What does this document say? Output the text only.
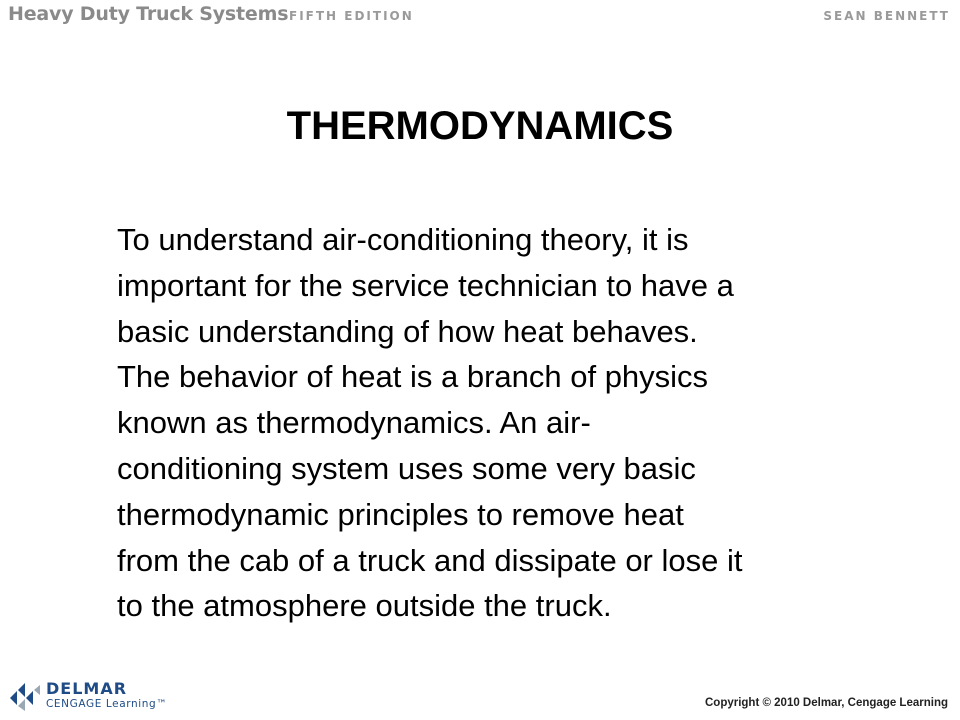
Heavy Duty Truck Systems FIFTH EDITION	SEAN BENNETT
THERMODYNAMICS

To understand air-conditioning theory, it is
important for the service technician to have a
basic understanding of how heat behaves.
The behavior of heat is a branch of physics
known as thermodynamics. An air-
conditioning system uses some very basic
thermodynamic principles to remove heat
from the cab of a truck and dissipate or lose it
to the atmosphere outside the truck.

DELMAR
CENGAGE Learning™	Copyright © 2010 Delmar, Cengage Learning
